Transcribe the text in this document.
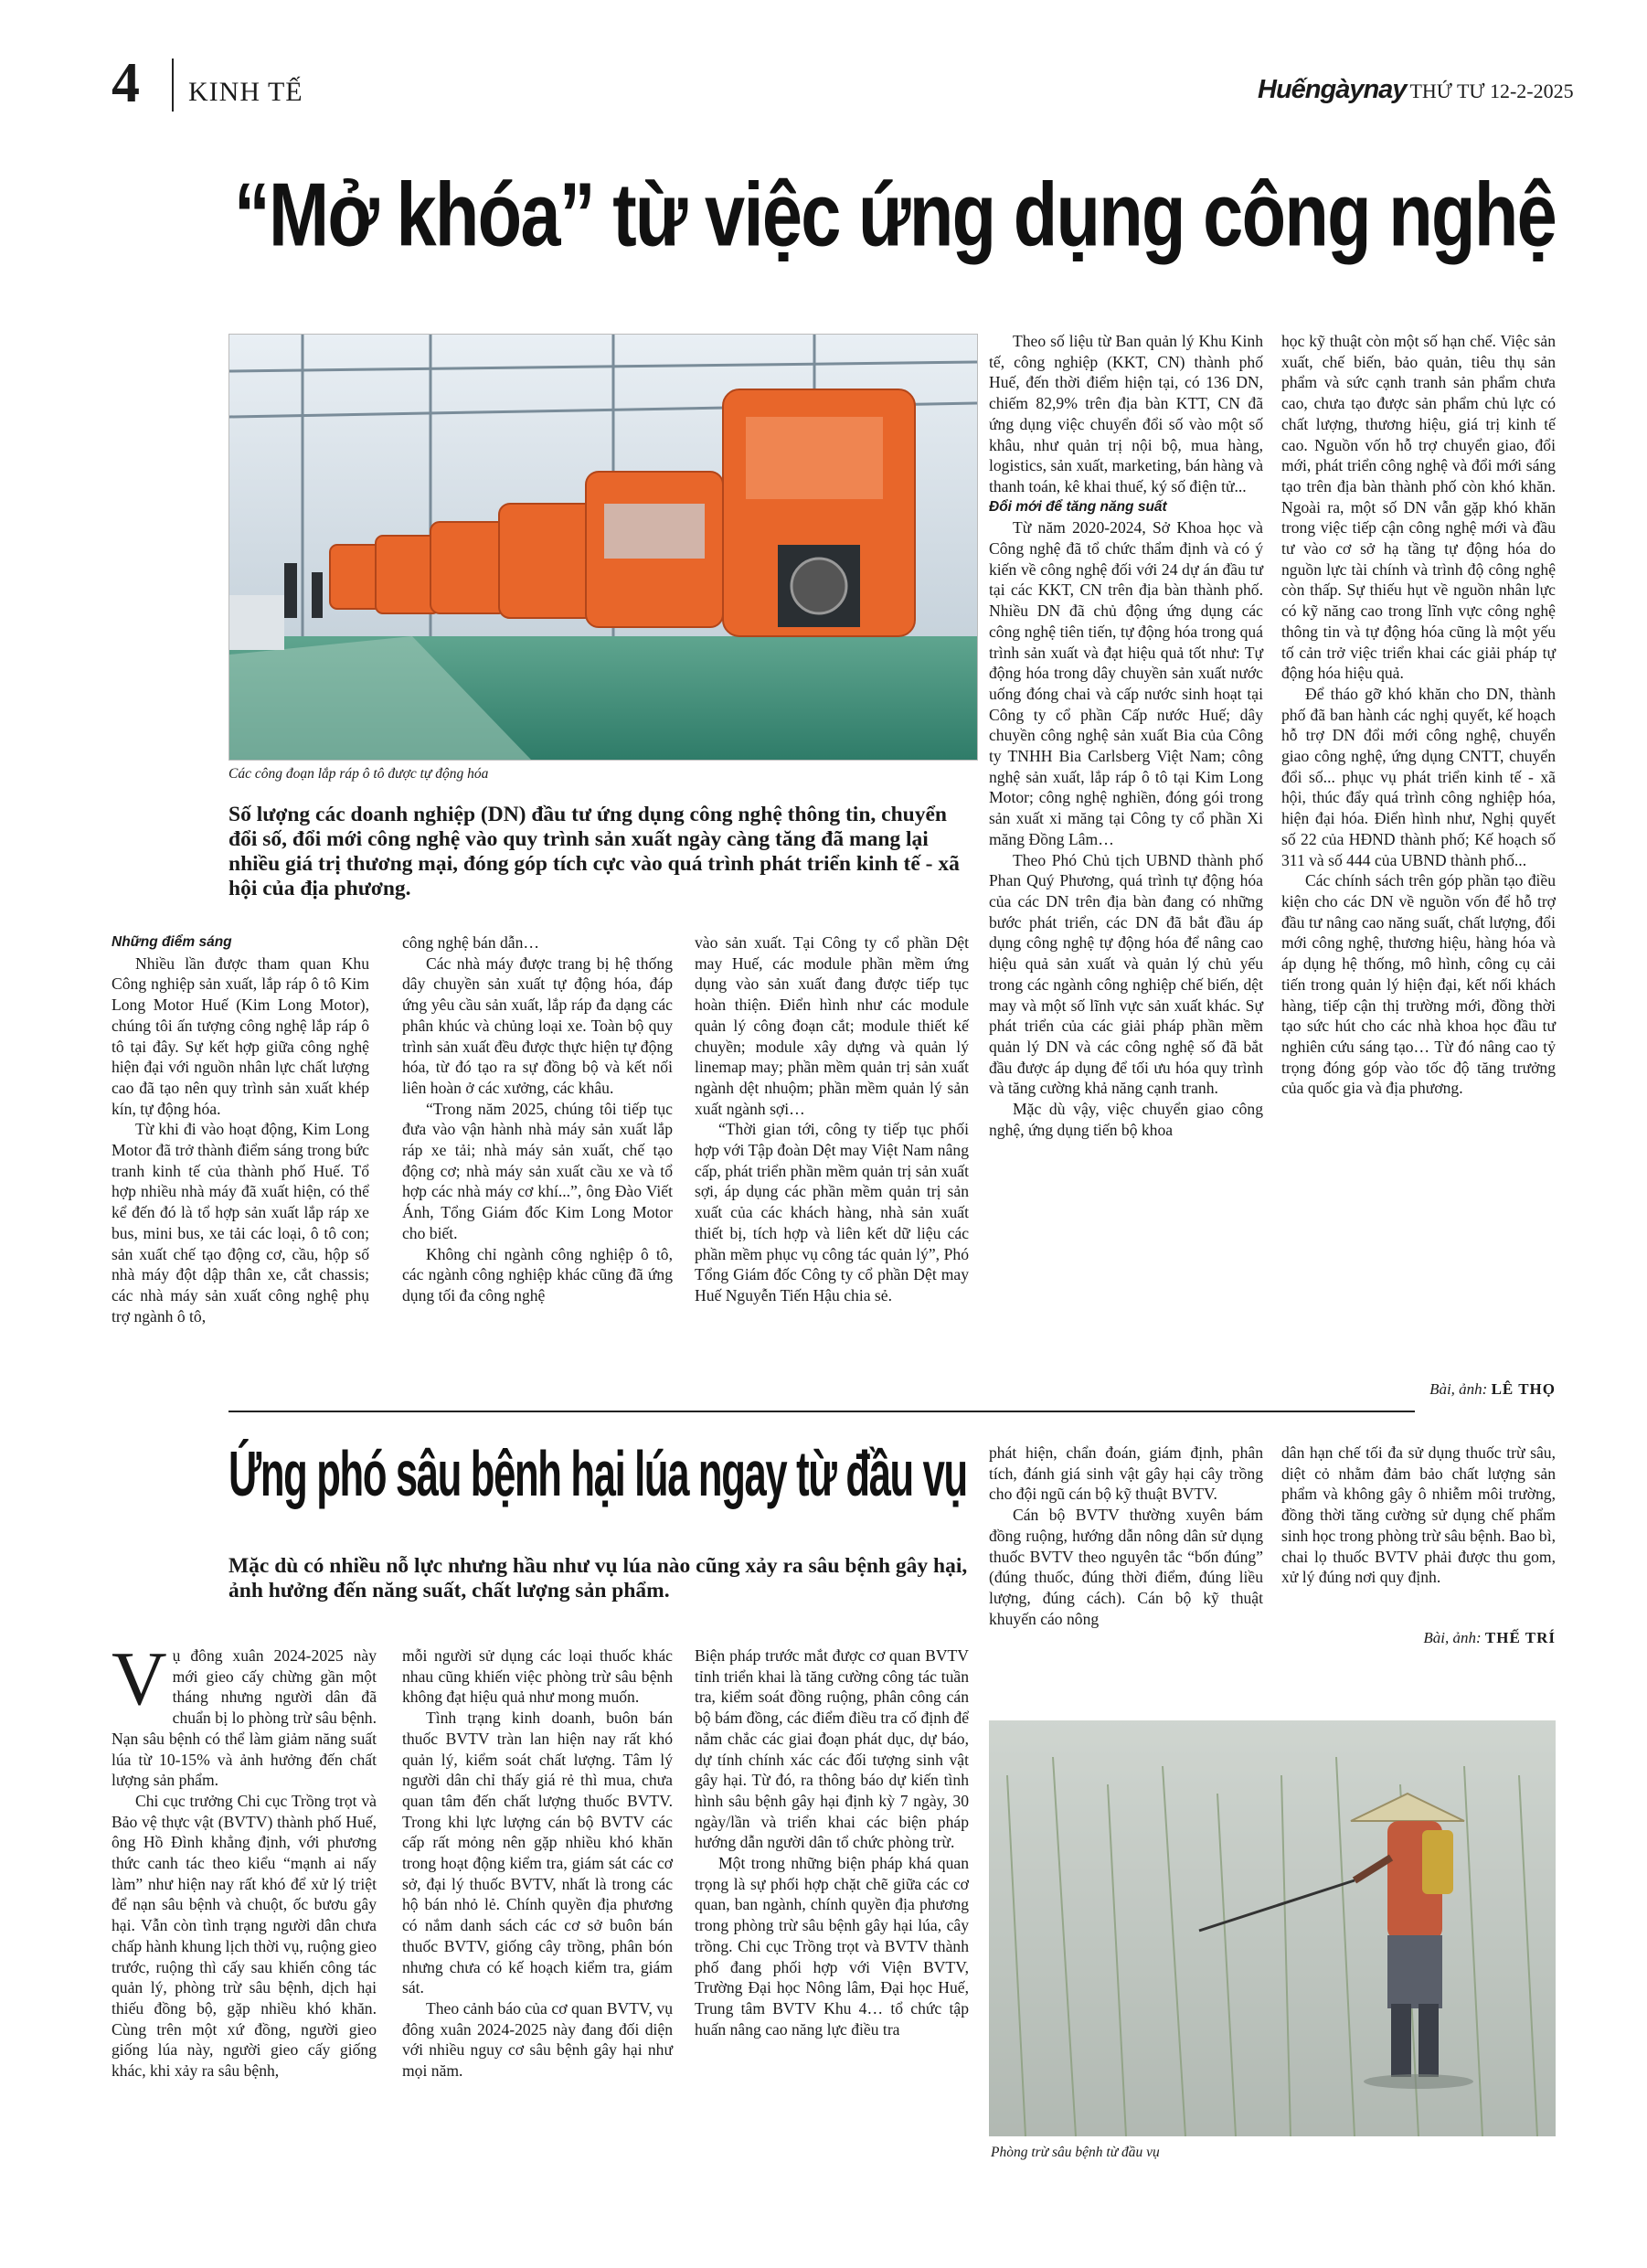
4 KINH TẾ	Huếngàynay THỨ TƯ 12-2-2025
“Mở khóa” từ việc ứng dụng công nghệ
Các công đoạn lắp ráp ô tô được tự động hóa
Số lượng các doanh nghiệp (DN) đầu tư ứng dụng công nghệ thông tin, chuyển đổi số, đổi mới công nghệ vào quy trình sản xuất ngày càng tăng đã mang lại nhiều giá trị thương mại, đóng góp tích cực vào quá trình phát triển kinh tế - xã hội của địa phương.

Những điểm sáng

Nhiều lần được tham quan Khu Công nghiệp sản xuất, lắp ráp ô tô Kim Long Motor Huế (Kim Long Motor), chúng tôi ấn tượng công nghệ lắp ráp ô tô tại đây. Sự kết hợp giữa công nghệ hiện đại với nguồn nhân lực chất lượng cao đã tạo nên quy trình sản xuất khép kín, tự động hóa.

Từ khi đi vào hoạt động, Kim Long Motor đã trở thành điểm sáng trong bức tranh kinh tế của thành phố Huế. Tổ hợp nhiều nhà máy đã xuất hiện, có thể kể đến đó là tổ hợp sản xuất lắp ráp xe bus, mini bus, xe tải các loại, ô tô con; sản xuất chế tạo động cơ, cầu, hộp số nhà máy đột dập thân xe, cắt chassis; các nhà máy sản xuất công nghệ phụ trợ ngành ô tô,

công nghệ bán dẫn…

Các nhà máy được trang bị hệ thống dây chuyền sản xuất tự động hóa, đáp ứng yêu cầu sản xuất, lắp ráp đa dạng các phân khúc và chủng loại xe. Toàn bộ quy trình sản xuất đều được thực hiện tự động hóa, từ đó tạo ra sự đồng bộ và kết nối liên hoàn ở các xưởng, các khâu.

“Trong năm 2025, chúng tôi tiếp tục đưa vào vận hành nhà máy sản xuất lắp ráp xe tải; nhà máy sản xuất, chế tạo động cơ; nhà máy sản xuất cầu xe và tổ hợp các nhà máy cơ khí...”, ông Đào Viết Ánh, Tổng Giám đốc Kim Long Motor cho biết.

Không chỉ ngành công nghiệp ô tô, các ngành công nghiệp khác cũng đã ứng dụng tối đa công nghệ

vào sản xuất. Tại Công ty cổ phần Dệt may Huế, các module phần mềm ứng dụng vào sản xuất đang được tiếp tục hoàn thiện. Điển hình như các module quản lý công đoạn cắt; module thiết kế chuyền; module xây dựng và quản lý linemap may; phần mềm quản trị sản xuất ngành dệt nhuộm; phần mềm quản lý sản xuất ngành sợi…

“Thời gian tới, công ty tiếp tục phối hợp với Tập đoàn Dệt may Việt Nam nâng cấp, phát triển phần mềm quản trị sản xuất sợi, áp dụng các phần mềm quản trị sản xuất của các khách hàng, nhà sản xuất thiết bị, tích hợp và liên kết dữ liệu các phần mềm phục vụ công tác quản lý”, Phó Tổng Giám đốc Công ty cổ phần Dệt may Huế Nguyễn Tiến Hậu chia sẻ.

Theo số liệu từ Ban quản lý Khu Kinh tế, công nghiệp (KKT, CN) thành phố Huế, đến thời điểm hiện tại, có 136 DN, chiếm 82,9% trên địa bàn KTT, CN đã ứng dụng việc chuyển đổi số vào một số khâu, như quản trị nội bộ, mua hàng, logistics, sản xuất, marketing, bán hàng và thanh toán, kê khai thuế, ký số điện tử...

Đổi mới để tăng năng suất

Từ năm 2020-2024, Sở Khoa học và Công nghệ đã tổ chức thẩm định và có ý kiến về công nghệ đối với 24 dự án đầu tư tại các KKT, CN trên địa bàn thành phố. Nhiều DN đã chủ động ứng dụng các công nghệ tiên tiến, tự động hóa trong quá trình sản xuất và đạt hiệu quả tốt như: Tự động hóa trong dây chuyền sản xuất nước uống đóng chai và cấp nước sinh hoạt tại Công ty cổ phần Cấp nước Huế; dây chuyền công nghệ sản xuất Bia của Công ty TNHH Bia Carlsberg Việt Nam; công nghệ sản xuất, lắp ráp ô tô tại Kim Long Motor; công nghệ nghiền, đóng gói trong sản xuất xi măng tại Công ty cổ phần Xi măng Đồng Lâm…

Theo Phó Chủ tịch UBND thành phố Phan Quý Phương, quá trình tự động hóa của các DN trên địa bàn đang có những bước phát triển, các DN đã bắt đầu áp dụng công nghệ tự động hóa để nâng cao hiệu quả sản xuất và quản lý chủ yếu trong các ngành công nghiệp chế biến, dệt may và một số lĩnh vực sản xuất khác. Sự phát triển của các giải pháp phần mềm quản lý DN và các công nghệ số đã bắt đầu được áp dụng để tối ưu hóa quy trình và tăng cường khả năng cạnh tranh.

Mặc dù vậy, việc chuyển giao công nghệ, ứng dụng tiến bộ khoa

học kỹ thuật còn một số hạn chế. Việc sản xuất, chế biến, bảo quản, tiêu thụ sản phẩm và sức cạnh tranh sản phẩm chưa cao, chưa tạo được sản phẩm chủ lực có chất lượng, thương hiệu, giá trị kinh tế cao. Nguồn vốn hỗ trợ chuyển giao, đổi mới, phát triển công nghệ và đổi mới sáng tạo trên địa bàn thành phố còn khó khăn. Ngoài ra, một số DN vẫn gặp khó khăn trong việc tiếp cận công nghệ mới và đầu tư vào cơ sở hạ tầng tự động hóa do nguồn lực tài chính và trình độ công nghệ còn thấp. Sự thiếu hụt về nguồn nhân lực có kỹ năng cao trong lĩnh vực công nghệ thông tin và tự động hóa cũng là một yếu tố cản trở việc triển khai các giải pháp tự động hóa hiệu quả.

Để tháo gỡ khó khăn cho DN, thành phố đã ban hành các nghị quyết, kế hoạch hỗ trợ DN đổi mới công nghệ, chuyển giao công nghệ, ứng dụng CNTT, chuyển đổi số... phục vụ phát triển kinh tế - xã hội, thúc đẩy quá trình công nghiệp hóa, hiện đại hóa. Điển hình như, Nghị quyết số 22 của HĐND thành phố; Kế hoạch số 311 và số 444 của UBND thành phố...

Các chính sách trên góp phần tạo điều kiện cho các DN về nguồn vốn để hỗ trợ đầu tư nâng cao năng suất, chất lượng, đổi mới công nghệ, thương hiệu, hàng hóa và áp dụng hệ thống, mô hình, công cụ cải tiến trong quản lý hiện đại, kết nối khách hàng, tiếp cận thị trường mới, đồng thời tạo sức hút cho các nhà khoa học đầu tư nghiên cứu sáng tạo… Từ đó nâng cao tỷ trọng đóng góp vào tốc độ tăng trưởng của quốc gia và địa phương.

Bài, ảnh: LÊ THỌ
Ứng phó sâu bệnh hại lúa ngay từ đầu vụ
Mặc dù có nhiều nỗ lực nhưng hầu như vụ lúa nào cũng xảy ra sâu bệnh gây hại, ảnh hưởng đến năng suất, chất lượng sản phẩm.

Vụ đông xuân 2024-2025 này mới gieo cấy chừng gần một tháng nhưng người dân đã chuẩn bị lo phòng trừ sâu bệnh. Nạn sâu bệnh có thể làm giảm năng suất lúa từ 10-15% và ảnh hưởng đến chất lượng sản phẩm.

Chi cục trưởng Chi cục Trồng trọt và Bảo vệ thực vật (BVTV) thành phố Huế, ông Hồ Đình khẳng định, với phương thức canh tác theo kiểu “mạnh ai nấy làm” như hiện nay rất khó để xử lý triệt để nạn sâu bệnh và chuột, ốc bươu gây hại. Vẫn còn tình trạng người dân chưa chấp hành khung lịch thời vụ, ruộng gieo trước, ruộng thì cấy sau khiến công tác quản lý, phòng trừ sâu bệnh, dịch hại thiếu đồng bộ, gặp nhiều khó khăn. Cùng trên một xứ đồng, người gieo giống lúa này, người gieo cấy giống khác, khi xảy ra sâu bệnh,

mỗi người sử dụng các loại thuốc khác nhau cũng khiến việc phòng trừ sâu bệnh không đạt hiệu quả như mong muốn.

Tình trạng kinh doanh, buôn bán thuốc BVTV tràn lan hiện nay rất khó quản lý, kiểm soát chất lượng. Tâm lý người dân chỉ thấy giá rẻ thì mua, chưa quan tâm đến chất lượng thuốc BVTV. Trong khi lực lượng cán bộ BVTV các cấp rất mỏng nên gặp nhiều khó khăn trong hoạt động kiểm tra, giám sát các cơ sở, đại lý thuốc BVTV, nhất là trong các hộ bán nhỏ lẻ. Chính quyền địa phương có nắm danh sách các cơ sở buôn bán thuốc BVTV, giống cây trồng, phân bón nhưng chưa có kế hoạch kiểm tra, giám sát.

Theo cảnh báo của cơ quan BVTV, vụ đông xuân 2024-2025 này đang đối diện với nhiều nguy cơ sâu bệnh gây hại như mọi năm.

Biện pháp trước mắt được cơ quan BVTV tỉnh triển khai là tăng cường công tác tuần tra, kiểm soát đồng ruộng, phân công cán bộ bám đồng, các điểm điều tra cố định để nắm chắc các giai đoạn phát dục, dự báo, dự tính chính xác các đối tượng sinh vật gây hại. Từ đó, ra thông báo dự kiến tình hình sâu bệnh gây hại định kỳ 7 ngày, 30 ngày/lần và triển khai các biện pháp hướng dẫn người dân tổ chức phòng trừ.

Một trong những biện pháp khá quan trọng là sự phối hợp chặt chẽ giữa các cơ quan, ban ngành, chính quyền địa phương trong phòng trừ sâu bệnh gây hại lúa, cây trồng. Chi cục Trồng trọt và BVTV thành phố đang phối hợp với Viện BVTV, Trường Đại học Nông lâm, Đại học Huế, Trung tâm BVTV Khu 4… tổ chức tập huấn nâng cao năng lực điều tra

phát hiện, chẩn đoán, giám định, phân tích, đánh giá sinh vật gây hại cây trồng cho đội ngũ cán bộ kỹ thuật BVTV.

Cán bộ BVTV thường xuyên bám đồng ruộng, hướng dẫn nông dân sử dụng thuốc BVTV theo nguyên tắc “bốn đúng” (đúng thuốc, đúng thời điểm, đúng liều lượng, đúng cách). Cán bộ kỹ thuật khuyến cáo nông

dân hạn chế tối đa sử dụng thuốc trừ sâu, diệt cỏ nhằm đảm bảo chất lượng sản phẩm và không gây ô nhiễm môi trường, đồng thời tăng cường sử dụng chế phẩm sinh học trong phòng trừ sâu bệnh. Bao bì, chai lọ thuốc BVTV phải được thu gom, xử lý đúng nơi quy định.

Bài, ảnh: THẾ TRÍ
Phòng trừ sâu bệnh từ đầu vụ
